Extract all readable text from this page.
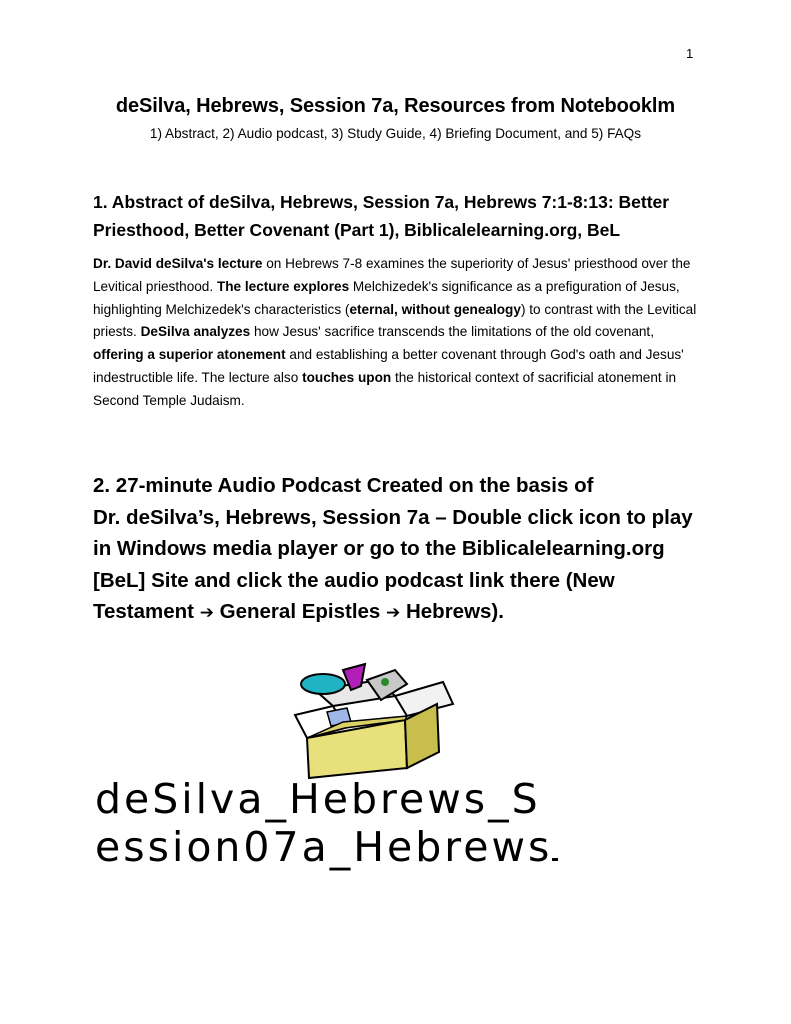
1
deSilva, Hebrews, Session 7a, Resources from Notebooklm
1) Abstract, 2) Audio podcast, 3) Study Guide, 4) Briefing Document, and 5) FAQs
1. Abstract of deSilva, Hebrews, Session 7a, Hebrews 7:1-8:13: Better
Priesthood, Better Covenant (Part 1), Biblicalelearning.org, BeL
Dr. David deSilva's lecture on Hebrews 7-8 examines the superiority of Jesus' priesthood over the Levitical priesthood. The lecture explores Melchizedek's significance as a prefiguration of Jesus, highlighting Melchizedek's characteristics (eternal, without genealogy) to contrast with the Levitical priests. DeSilva analyzes how Jesus' sacrifice transcends the limitations of the old covenant, offering a superior atonement and establishing a better covenant through God's oath and Jesus' indestructible life. The lecture also touches upon the historical context of sacrificial atonement in Second Temple Judaism.
2. 27-minute Audio Podcast Created on the basis of
Dr. deSilva’s, Hebrews, Session 7a – Double click icon to play
in Windows media player or go to the Biblicalelearning.org
[BeL] Site and click the audio podcast link there (New
Testament ➔ General Epistles ➔ Hebrews).
deSilva_Hebrews_S
ession07a_Hebrews
